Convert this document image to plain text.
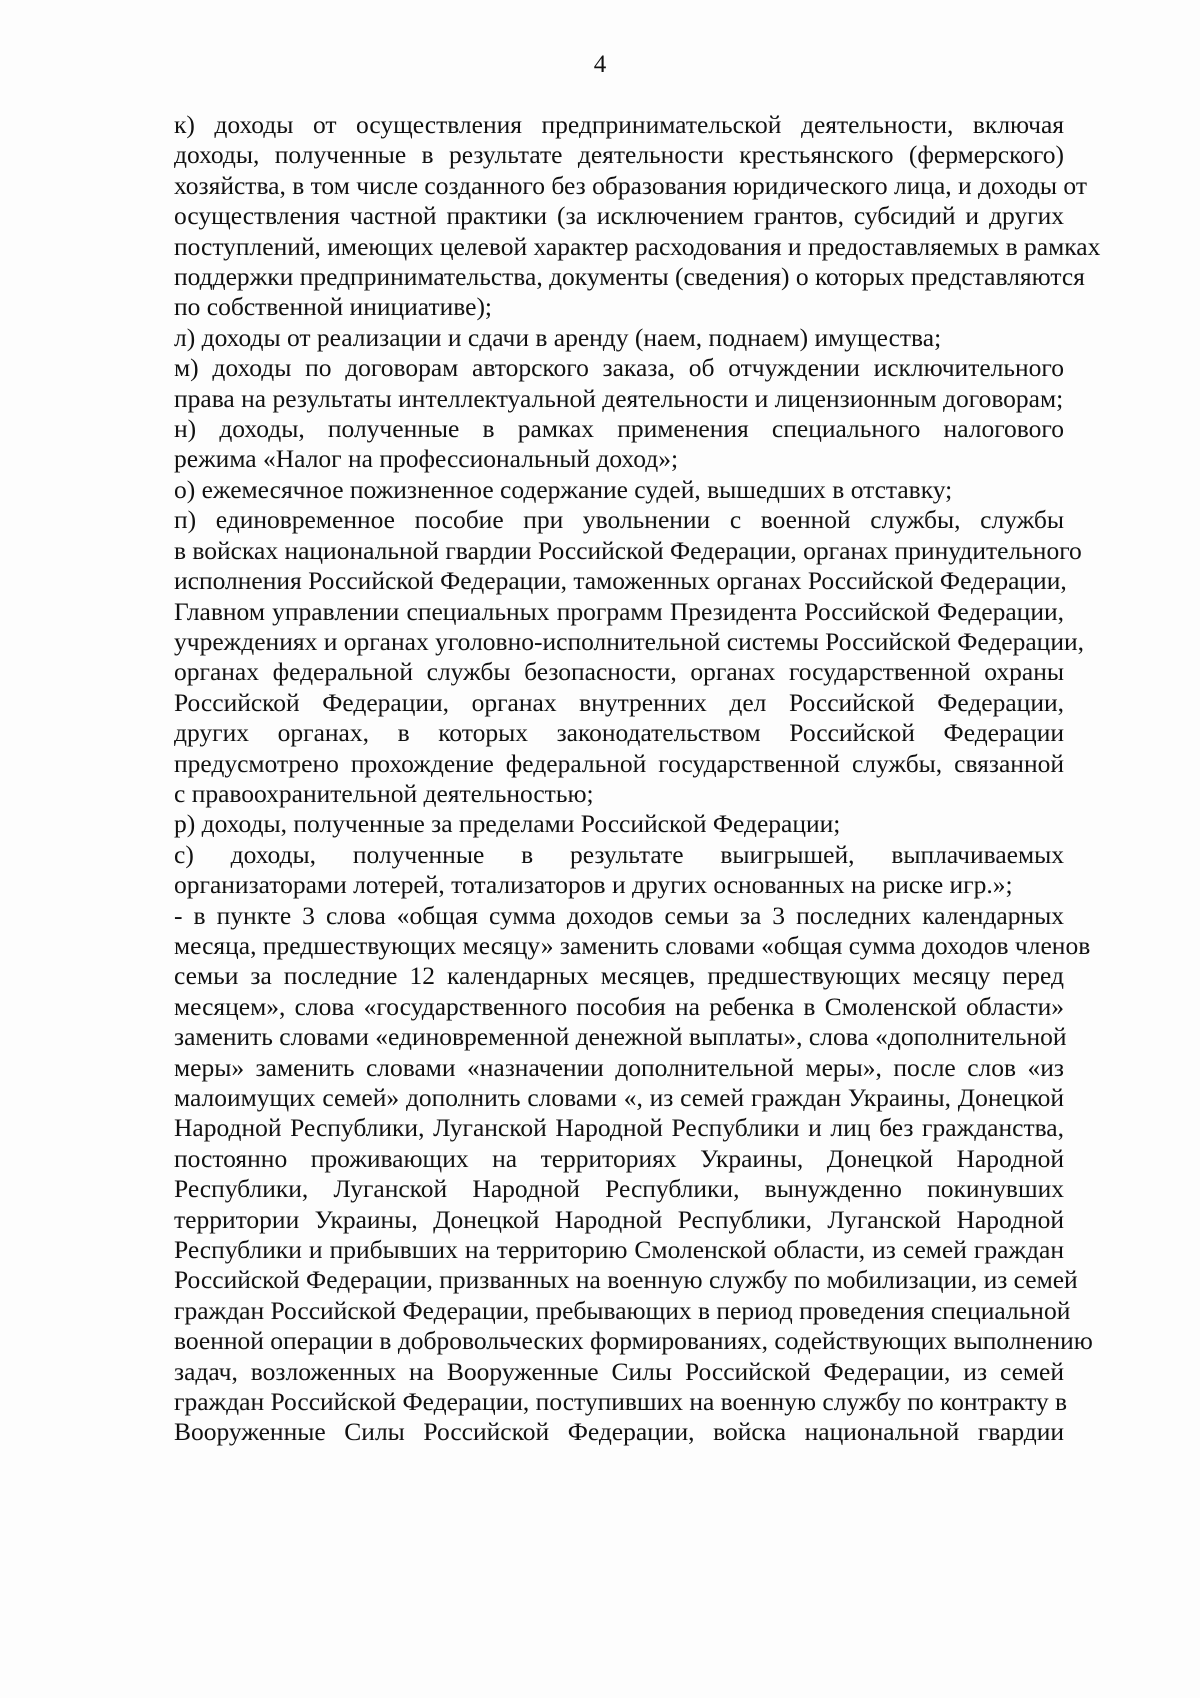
4

к) доходы от осуществления предпринимательской деятельности, включая
доходы, полученные в результате деятельности крестьянского (фермерского)
хозяйства, в том числе созданного без образования юридического лица, и доходы от
осуществления частной практики (за исключением грантов, субсидий и других
поступлений, имеющих целевой характер расходования и предоставляемых в рамках
поддержки предпринимательства, документы (сведения) о которых представляются
по собственной инициативе);

л) доходы от реализации и сдачи в аренду (наем, поднаем) имущества;

м) доходы по договорам авторского заказа, об отчуждении исключительного
права на результаты интеллектуальной деятельности и лицензионным договорам;

н) доходы, полученные в рамках применения специального налогового
режима «Налог на профессиональный доход»;

о) ежемесячное пожизненное содержание судей, вышедших в отставку;

п) единовременное пособие при увольнении с военной службы, службы
в войсках национальной гвардии Российской Федерации, органах принудительного
исполнения Российской Федерации, таможенных органах Российской Федерации,
Главном управлении специальных программ Президента Российской Федерации,
учреждениях и органах уголовно-исполнительной системы Российской Федерации,
органах федеральной службы безопасности, органах государственной охраны
Российской Федерации, органах внутренних дел Российской Федерации,
других органах, в которых законодательством Российской Федерации
предусмотрено прохождение федеральной государственной службы, связанной
с правоохранительной деятельностью;

р) доходы, полученные за пределами Российской Федерации;

с) доходы, полученные в результате выигрышей, выплачиваемых
организаторами лотерей, тотализаторов и других основанных на риске игр.»;

- в пункте 3 слова «общая сумма доходов семьи за 3 последних календарных
месяца, предшествующих месяцу» заменить словами «общая сумма доходов членов
семьи за последние 12 календарных месяцев, предшествующих месяцу перед
месяцем», слова «государственного пособия на ребенка в Смоленской области»
заменить словами «единовременной денежной выплаты», слова «дополнительной
меры» заменить словами «назначении дополнительной меры», после слов «из
малоимущих семей» дополнить словами «, из семей граждан Украины, Донецкой
Народной Республики, Луганской Народной Республики и лиц без гражданства,
постоянно проживающих на территориях Украины, Донецкой Народной
Республики, Луганской Народной Республики, вынужденно покинувших
территории Украины, Донецкой Народной Республики, Луганской Народной
Республики и прибывших на территорию Смоленской области, из семей граждан
Российской Федерации, призванных на военную службу по мобилизации, из семей
граждан Российской Федерации, пребывающих в период проведения специальной
военной операции в добровольческих формированиях, содействующих выполнению
задач, возложенных на Вооруженные Силы Российской Федерации, из семей
граждан Российской Федерации, поступивших на военную службу по контракту в
Вооруженные Силы Российской Федерации, войска национальной гвардии
